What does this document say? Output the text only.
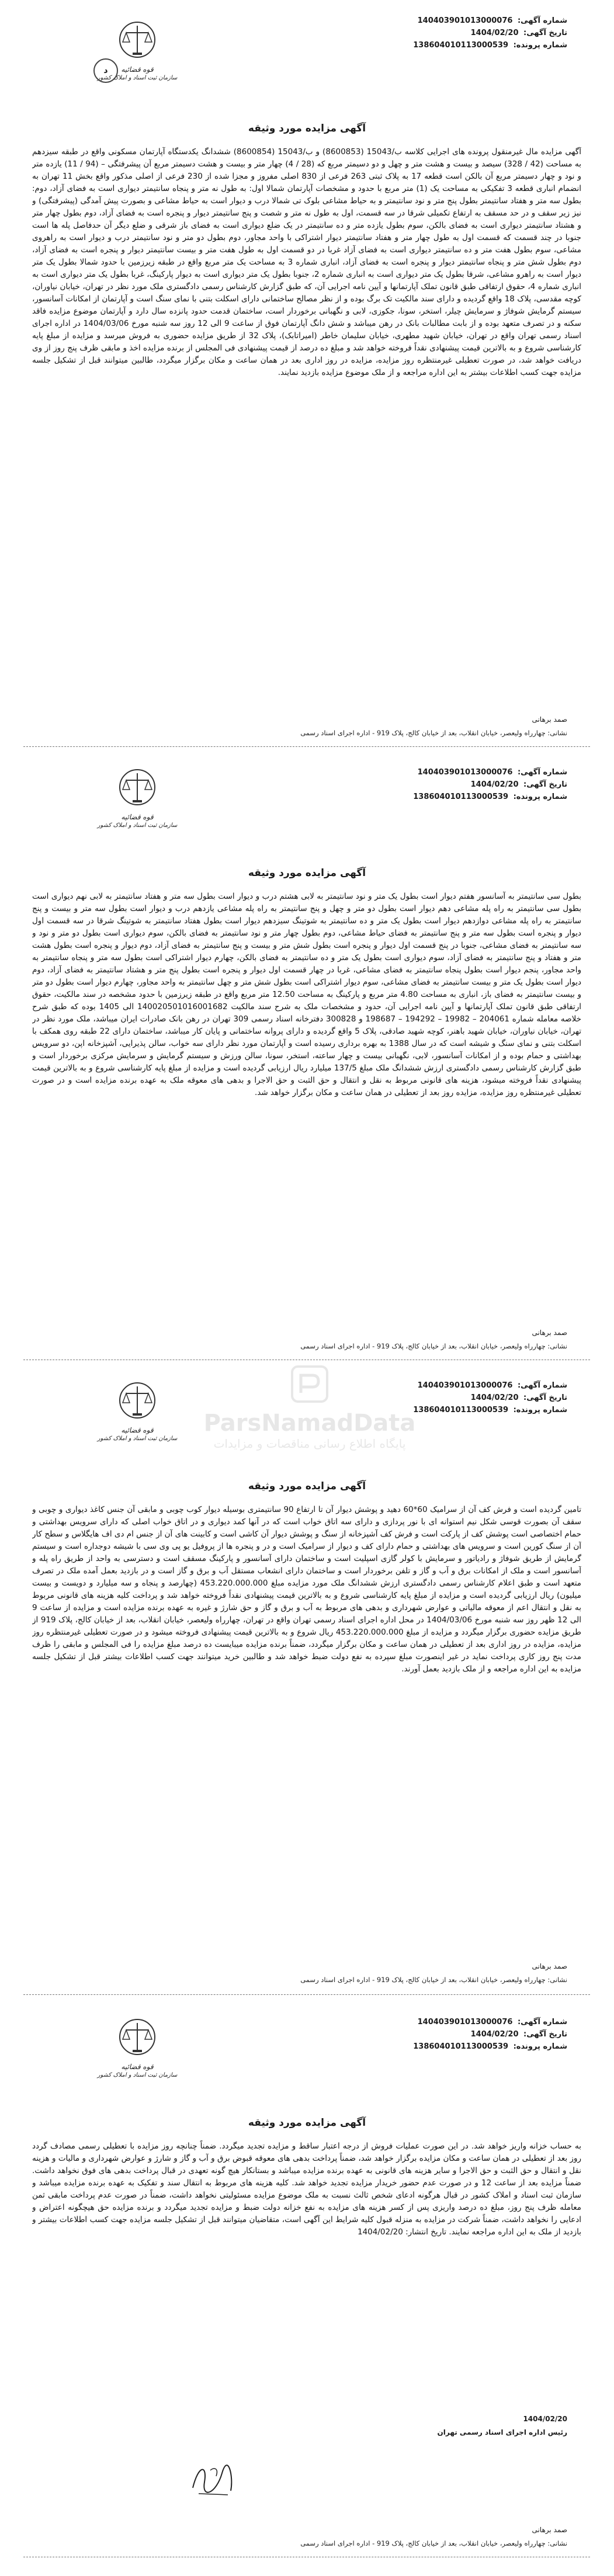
قوه قضائیه
سازمان ثبت اسناد و املاک کشور
شماره آگهی: 140403901013000076
تاریخ آگهی: 1404/02/20
شماره پرونده: 138604010113000539
د
آگهی مزایده مورد وثیقه
آگهی مزایده مال غیرمنقول پرونده های اجرایی کلاسه ب/1‌50‌4‌3 (8600853) و ب/1‌50‌4‌3 (8600854) ششدانگ یکدستگاه آپارتمان مسکونی واقع در طبقه سیزدهم به مساحت (42 / 328) سیصد و بیست و هشت متر و چهل و دو دسیمتر مربع که (28 / 4) چهار متر و بیست و هشت دسیمتر مربع آن پیشرفتگی – (94 / 11) یازده متر و نود و چهار دسیمتر مربع آن بالکن است قطعه 17 به پلاک ثبتی 263 فرعی از 830 اصلی مفروز و مجزا شده از 230 فرعی از اصلی مذکور واقع بخش 11 تهران به انضمام انباری قطعه 3 تفکیکی به مساحت یک (1) متر مربع با حدود و مشخصات آپارتمان شمالا اول: به طول نه متر و پنجاه سانتیمتر دیواری است به فضای آزاد، دوم: بطول سه متر و هفتاد سانتیمتر بطول پنج متر و نود سانتیمتر و به حیاط مشاعی بلوک تی شمالا درب و دیوار است به حیاط مشاعی و بصورت پیش آمدگی (پیشرفتگی) و نیز زیر سقف و در حد مسقف به ارتفاع تکمیلی شرقا در سه قسمت، اول به طول نه متر و شصت و پنج سانتیمتر دیوار و پنجره است به فضای آزاد، دوم بطول چهار متر و هشتاد سانتیمتر دیواری است به فضای بالکن، سوم بطول یازده متر و ده سانتیمتر در یک ضلع دیواری است به فضای باز شرقی و ضلع دیگر آن حدفاصل پله ها است جنوبا در چند قسمت که قسمت اول به طول چهار متر و هفتاد سانتیمتر دیوار اشتراکی با واحد مجاور، دوم بطول دو متر و نود سانتیمتر درب و دیوار است به راهروی مشاعی، سوم بطول هفت متر و ده سانتیمتر دیواری است به فضای آزاد غربا در دو قسمت اول به طول هفت متر و بیست سانتیمتر دیوار و پنجره است به فضای آزاد، دوم بطول شش متر و پنجاه سانتیمتر دیوار و پنجره است به فضای آزاد، انباری شماره 3 به مساحت یک متر مربع واقع در طبقه زیرزمین با حدود شمالا بطول یک متر دیوار است به راهرو مشاعی، شرقا بطول یک متر دیواری است به انباری شماره 2، جنوبا بطول یک متر دیواری است به دیوار پارکینگ، غربا بطول یک متر دیواری است به انباری شماره 4، حقوق ارتفاقی طبق قانون تملک آپارتمانها و آیین نامه اجرایی آن، که طبق گزارش کارشناس رسمی دادگستری ملک مورد نظر در تهران، خیابان نیاوران، کوچه مقدسی، پلاک 18 واقع گردیده و دارای سند مالکیت تک برگ بوده و از نظر مصالح ساختمانی دارای اسکلت بتنی با نمای سنگ است و آپارتمان از امکانات آسانسور، سیستم گرمایش شوفاژ و سرمایش چیلر، استخر، سونا، جکوزی، لابی و نگهبانی برخوردار است، ساختمان قدمت حدود پانزده سال دارد و آپارتمان موضوع مزایده فاقد سکنه و در تصرف متعهد بوده و از بابت مطالبات بانک در رهن میباشد و شش دانگ آپارتمان فوق از ساعت 9 الی 12 روز سه شنبه مورخ 1404/03/06 در اداره اجرای اسناد رسمی تهران واقع در تهران، خیابان شهید مطهری، خیابان سلیمان خاطر (امیراتابک)، پلاک 32 از طریق مزایده حضوری به فروش میرسد و مزایده از مبلغ پایه کارشناسی شروع و به بالاترین قیمت پیشنهادی نقداً فروخته خواهد شد و مبلغ ده درصد از قیمت پیشنهادی فی المجلس از برنده مزایده اخذ و مابقی ظرف پنج روز از وی دریافت خواهد شد، در صورت تعطیلی غیرمنتظره روز مزایده، مزایده در روز اداری بعد در همان ساعت و مکان برگزار میگردد، طالبین میتوانند قبل از تشکیل جلسه مزایده جهت کسب اطلاعات بیشتر به این اداره مراجعه و از ملک موضوع مزایده بازدید نمایند.
صمد برهانی
نشانی: چهارراه ولیعصر، خیابان انقلاب، بعد از خیابان کالج، پلاک 919 - اداره اجرای اسناد رسمی
قوه قضائیه
سازمان ثبت اسناد و املاک کشور
شماره آگهی: 140403901013000076
تاریخ آگهی: 1404/02/20
شماره پرونده: 138604010113000539
آگهی مزایده مورد وثیقه
بطول سی سانتیمتر به آسانسور هفتم دیوار است بطول یک متر و نود سانتیمتر به لابی هشتم درب و دیوار است بطول سه متر و هفتاد سانتیمتر به لابی نهم دیواری است بطول سی سانتیمتر به راه پله مشاعی دهم دیوار است بطول دو متر و چهل و پنج سانتیمتر به راه پله مشاعی یازدهم درب و دیوار است بطول سه متر و بیست و پنج سانتیمتر به راه پله مشاعی دوازدهم دیوار است بطول یک متر و ده سانتیمتر به شوتینگ سیزدهم دیوار است بطول هفتاد سانتیمتر به شوتینگ شرقا در سه قسمت اول دیوار و پنجره است بطول سه متر و پنج سانتیمتر به فضای حیاط مشاعی، دوم بطول چهار متر و نود سانتیمتر به فضای بالکن، سوم دیواری است بطول دو متر و نود و سه سانتیمتر به فضای مشاعی، جنوبا در پنج قسمت اول دیوار و پنجره است بطول شش متر و بیست و پنج سانتیمتر به فضای آزاد، دوم دیوار و پنجره است بطول هشت متر و هفتاد و پنج سانتیمتر به فضای آزاد، سوم دیواری است بطول یک متر و ده سانتیمتر به فضای بالکن، چهارم دیوار اشتراکی است بطول سه متر و پنجاه سانتیمتر به واحد مجاور، پنجم دیوار است بطول پنجاه سانتیمتر به فضای مشاعی، غربا در چهار قسمت اول دیوار و پنجره است بطول پنج متر و هشتاد سانتیمتر به فضای آزاد، دوم دیوار است بطول یک متر و بیست سانتیمتر به فضای مشاعی، سوم دیوار اشتراکی است بطول شش متر و چهل سانتیمتر به واحد مجاور، چهارم دیوار است بطول دو متر و بیست سانتیمتر به فضای باز، انباری به مساحت 4.80 متر مربع و پارکینگ به مساحت 12.50 متر مربع واقع در طبقه زیرزمین با حدود مشخصه در سند مالکیت، حقوق ارتفاقی طبق قانون تملک آپارتمانها و آیین نامه اجرایی آن، حدود و مشخصات ملک به شرح سند مالکیت 140020501016001682 الی 1405 بوده که طبق شرح خلاصه معامله شماره 204061 – 19982 – 194292 – 198687 و 300828 دفترخانه اسناد رسمی 309 تهران در رهن بانک صادرات ایران میباشد، ملک مورد نظر در تهران، خیابان نیاوران، خیابان شهید باهنر، کوچه شهید صادقی، پلاک 5 واقع گردیده و دارای پروانه ساختمانی و پایان کار میباشد، ساختمان دارای 22 طبقه روی همکف با اسکلت بتنی و نمای سنگ و شیشه است که در سال 1388 به بهره برداری رسیده است و آپارتمان مورد نظر دارای سه خواب، سالن پذیرایی، آشپزخانه اپن، دو سرویس بهداشتی و حمام بوده و از امکانات آسانسور، لابی، نگهبانی بیست و چهار ساعته، استخر، سونا، سالن ورزش و سیستم گرمایش و سرمایش مرکزی برخوردار است و طبق گزارش کارشناس رسمی دادگستری ارزش ششدانگ ملک مبلغ 137/5 میلیارد ریال ارزیابی گردیده است و مزایده از مبلغ پایه کارشناسی شروع و به بالاترین قیمت پیشنهادی نقداً فروخته میشود، هزینه های قانونی مربوط به نقل و انتقال و حق الثبت و حق الاجرا و بدهی های معوقه ملک به عهده برنده مزایده است و در صورت تعطیلی غیرمنتظره روز مزایده، مزایده روز بعد از تعطیلی در همان ساعت و مکان برگزار خواهد شد.
صمد برهانی
نشانی: چهارراه ولیعصر، خیابان انقلاب، بعد از خیابان کالج، پلاک 919 - اداره اجرای اسناد رسمی
قوه قضائیه
سازمان ثبت اسناد و املاک کشور
شماره آگهی: 140403901013000076
تاریخ آگهی: 1404/02/20
شماره پرونده: 138604010113000539
آگهی مزایده مورد وثیقه
تامین گردیده است و فرش کف آن از سرامیک 60*60 دهید و پوشش دیوار آن تا ارتفاع 90 سانتیمتری بوسیله دیوار کوب چوبی و مابقی آن جنس کاغذ دیواری و چوبی و سقف آن بصورت قوسی شکل نیم استوانه ای با نور پردازی و دارای سه اتاق خواب است که در آنها کمد دیواری و در اتاق خواب اصلی که دارای سرویس بهداشتی و حمام اختصاصی است پوشش کف از پارکت است و فرش کف آشپزخانه از سنگ و پوشش دیوار آن کاشی است و کابینت های آن از جنس ام دی اف هایگلاس و سطح کار آن از سنگ کورین است و سرویس های بهداشتی و حمام دارای کف و دیوار از سرامیک است و در و پنجره ها از پروفیل یو پی وی سی با شیشه دوجداره است و سیستم گرمایش از طریق شوفاژ و رادیاتور و سرمایش با کولر گازی اسپلیت است و ساختمان دارای آسانسور و پارکینگ مسقف است و دسترسی به واحد از طریق راه پله و آسانسور است و ملک از امکانات برق و آب و گاز و تلفن برخوردار است و ساختمان دارای انشعاب مستقل آب و برق و گاز است و در بازدید بعمل آمده ملک در تصرف متعهد است و طبق اعلام کارشناس رسمی دادگستری ارزش ششدانگ ملک مورد مزایده مبلغ 453.220.000.000 (چهارصد و پنجاه و سه میلیارد و دویست و بیست میلیون) ریال ارزیابی گردیده است و مزایده از مبلغ پایه کارشناسی شروع و به بالاترین قیمت پیشنهادی نقداً فروخته خواهد شد و پرداخت کلیه هزینه های قانونی مربوط به نقل و انتقال اعم از معوقه مالیاتی و عوارض شهرداری و بدهی های مربوط به آب و برق و گاز و حق شارژ و غیره به عهده برنده مزایده است و مزایده از ساعت 9 الی 12 ظهر روز سه شنبه مورخ 1404/03/06 در محل اداره اجرای اسناد رسمی تهران واقع در تهران، چهارراه ولیعصر، خیابان انقلاب، بعد از خیابان کالج، پلاک 919 از طریق مزایده حضوری برگزار میگردد و مزایده از مبلغ 453.220.000.000 ریال شروع و به بالاترین قیمت پیشنهادی فروخته میشود و در صورت تعطیلی غیرمنتظره روز مزایده، مزایده در روز اداری بعد از تعطیلی در همان ساعت و مکان برگزار میگردد، ضمناً برنده مزایده میبایست ده درصد مبلغ مزایده را فی المجلس و مابقی را ظرف مدت پنج روز کاری پرداخت نماید در غیر اینصورت مبلغ سپرده به نفع دولت ضبط خواهد شد و طالبین خرید میتوانند جهت کسب اطلاعات بیشتر قبل از تشکیل جلسه مزایده به این اداره مراجعه و از ملک بازدید بعمل آورند.
صمد برهانی
نشانی: چهارراه ولیعصر، خیابان انقلاب، بعد از خیابان کالج، پلاک 919 - اداره اجرای اسناد رسمی
قوه قضائیه
سازمان ثبت اسناد و املاک کشور
شماره آگهی: 140403901013000076
تاریخ آگهی: 1404/02/20
شماره پرونده: 138604010113000539
آگهی مزایده مورد وثیقه
به حساب خزانه واریز خواهد شد. در این صورت عملیات فروش از درجه اعتبار ساقط و مزایده تجدید میگردد. ضمناً چنانچه روز مزایده با تعطیلی رسمی مصادف گردد روز بعد از تعطیلی در همان ساعت و مکان مزایده برگزار خواهد شد، ضمناً پرداخت بدهی های معوقه قبوض برق و آب و گاز و شارژ و عوارض شهرداری و مالیات و هزینه نقل و انتقال و حق الثبت و حق الاجرا و سایر هزینه های قانونی به عهده برنده مزایده میباشد و بستانکار هیچ گونه تعهدی در قبال پرداخت بدهی های فوق نخواهد داشت. ضمناً مزایده بعد از ساعت 12 و در صورت عدم حضور خریدار مزایده تجدید خواهد شد. کلیه هزینه های مربوط به انتقال سند و تفکیک به عهده برنده مزایده میباشد و سازمان ثبت اسناد و املاک کشور در قبال هرگونه ادعای شخص ثالث نسبت به ملک موضوع مزایده مسئولیتی نخواهد داشت، ضمناً در صورت عدم پرداخت مابقی ثمن معامله ظرف پنج روز، مبلغ ده درصد واریزی پس از کسر هزینه های مزایده به نفع خزانه دولت ضبط و مزایده تجدید میگردد و برنده مزایده حق هیچگونه اعتراض و ادعایی را نخواهد داشت، ضمناً شرکت در مزایده به منزله قبول کلیه شرایط این آگهی است، متقاضیان میتوانند قبل از تشکیل جلسه مزایده جهت کسب اطلاعات بیشتر و بازدید از ملک به این اداره مراجعه نمایند. تاریخ انتشار: 1404/02/20
1404/02/20
رئیس اداره اجرای اسناد رسمی تهران
صمد برهانی
نشانی: چهارراه ولیعصر، خیابان انقلاب، بعد از خیابان کالج، پلاک 919 - اداره اجرای اسناد رسمی
ParsNamadData
پایگاه اطلاع رسانی مناقصات و مزایدات
